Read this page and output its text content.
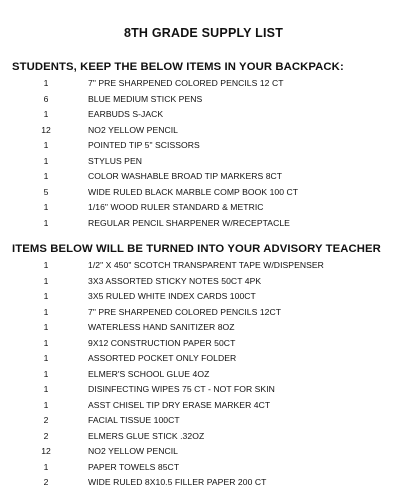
8TH GRADE SUPPLY LIST
STUDENTS, KEEP THE BELOW ITEMS IN YOUR BACKPACK:
1	7" PRE SHARPENED COLORED PENCILS 12 CT
6	BLUE MEDIUM STICK PENS
1	EARBUDS S-JACK
12	NO2 YELLOW PENCIL
1	POINTED TIP 5" SCISSORS
1	STYLUS PEN
1	COLOR WASHABLE BROAD TIP MARKERS 8CT
5	WIDE RULED BLACK MARBLE COMP BOOK 100 CT
1	1/16" WOOD RULER STANDARD & METRIC
1	REGULAR PENCIL SHARPENER W/RECEPTACLE
ITEMS BELOW WILL BE TURNED INTO YOUR ADVISORY TEACHER
1	1/2" X 450" SCOTCH TRANSPARENT TAPE W/DISPENSER
1	3X3 ASSORTED STICKY NOTES 50CT 4PK
1	3X5 RULED WHITE INDEX CARDS 100CT
1	7" PRE SHARPENED COLORED PENCILS 12CT
1	WATERLESS HAND SANITIZER 8OZ
1	9X12 CONSTRUCTION PAPER 50CT
1	ASSORTED POCKET ONLY FOLDER
1	ELMER'S SCHOOL GLUE 4OZ
1	DISINFECTING WIPES 75 CT - NOT FOR SKIN
1	ASST CHISEL TIP DRY ERASE MARKER 4CT
2	FACIAL TISSUE 100CT
2	ELMERS GLUE STICK .32OZ
12	NO2 YELLOW PENCIL
1	PAPER TOWELS 85CT
2	WIDE RULED 8X10.5 FILLER PAPER 200 CT
